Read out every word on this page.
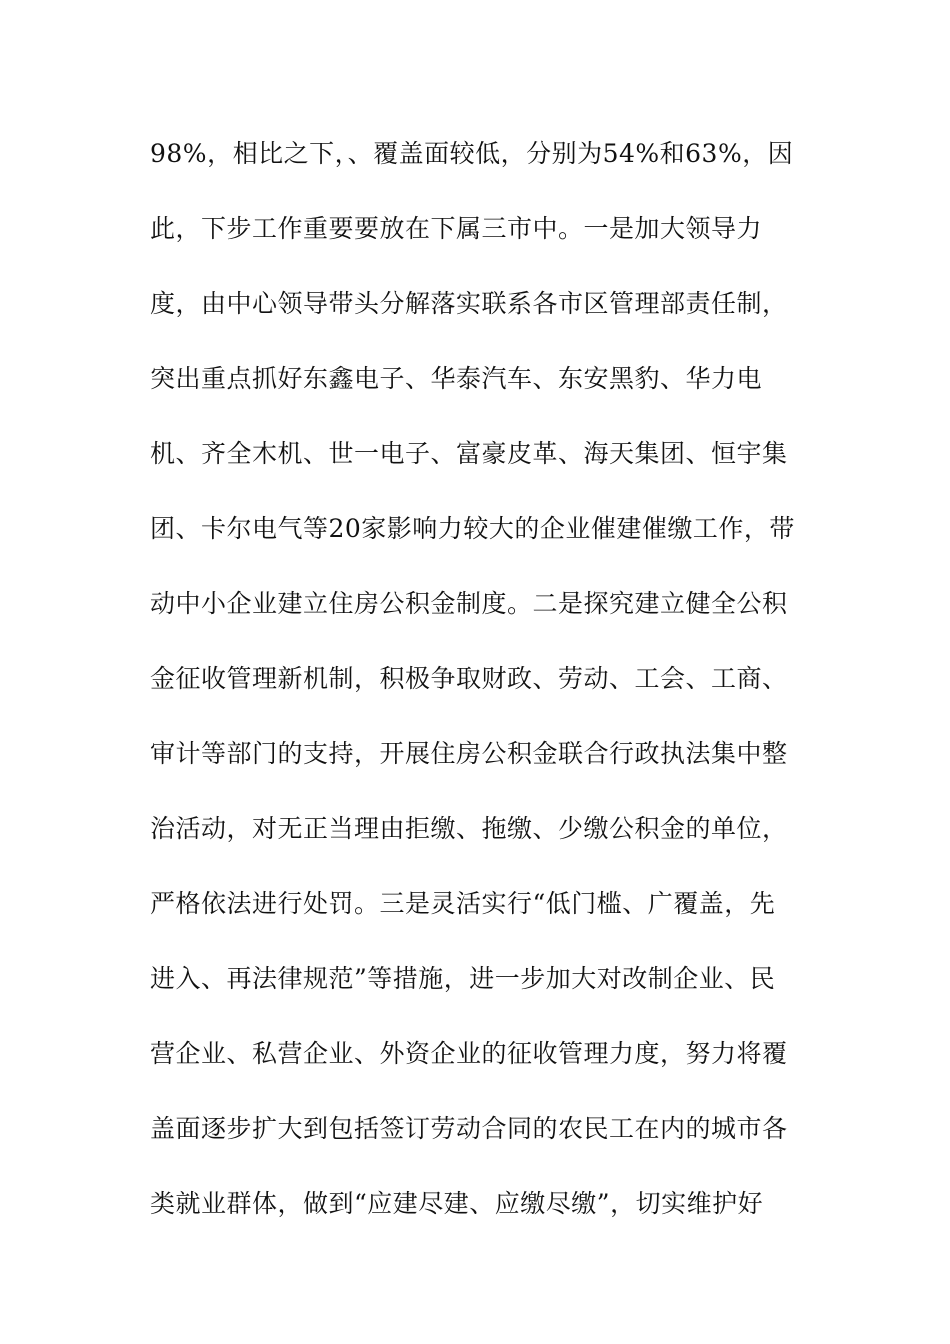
98%，相比之下，、覆盖面较低，分别为54%和63%，因
此，下步工作重要要放在下属三市中。一是加大领导力
度，由中心领导带头分解落实联系各市区管理部责任制，
突出重点抓好东鑫电子、华泰汽车、东安黑豹、华力电
机、齐全木机、世一电子、富豪皮革、海天集团、恒宇集
团、卡尔电气等20家影响力较大的企业催建催缴工作，带
动中小企业建立住房公积金制度。二是探究建立健全公积
金征收管理新机制，积极争取财政、劳动、工会、工商、
审计等部门的支持，开展住房公积金联合行政执法集中整
治活动，对无正当理由拒缴、拖缴、少缴公积金的单位，
严格依法进行处罚。三是灵活实行“低门槛、广覆盖，先
进入、再法律规范”等措施，进一步加大对改制企业、民
营企业、私营企业、外资企业的征收管理力度，努力将覆
盖面逐步扩大到包括签订劳动合同的农民工在内的城市各
类就业群体，做到“应建尽建、应缴尽缴”，切实维护好
